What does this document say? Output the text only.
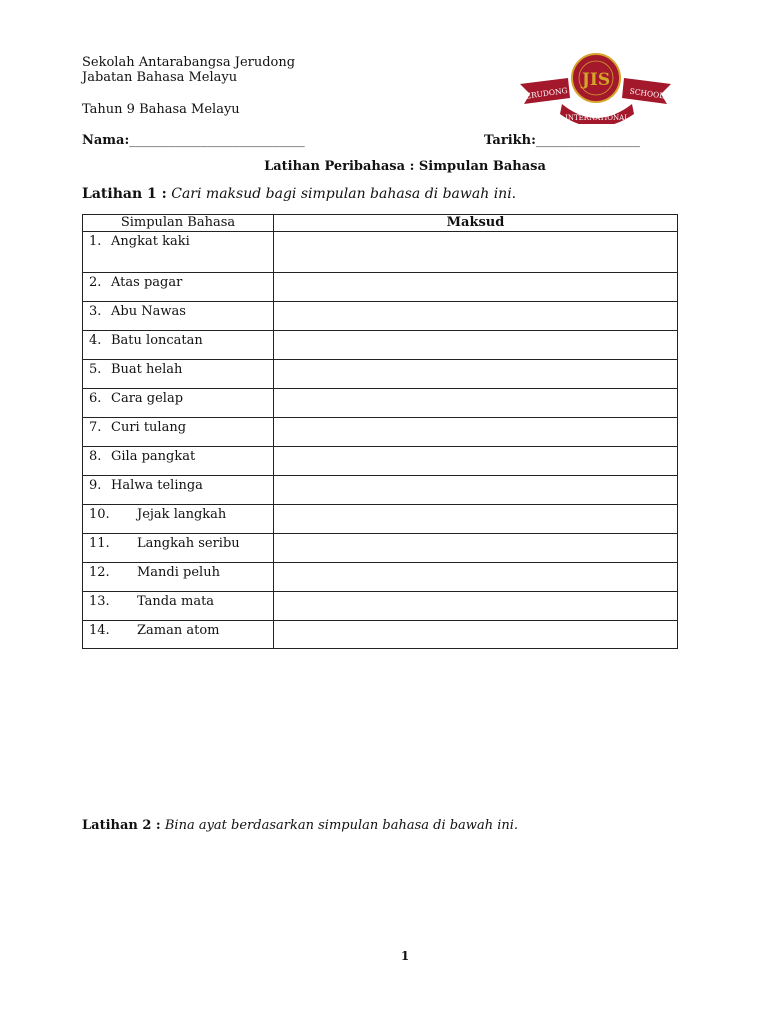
Sekolah Antarabangsa Jerudong
Jabatan Bahasa Melayu
Tahun 9 Bahasa Melayu
Nama:___________________________	Tarikh:________________
JIS
JERUDONG	SCHOOL
INTERNATIONAL
Latihan Peribahasa : Simpulan Bahasa
Latihan 1 : Cari maksud bagi simpulan bahasa di bawah ini.
Simpulan Bahasa	Maksud

1. Angkat kaki	

2. Atas pagar	

3. Abu Nawas	

4. Batu loncatan	

5. Buat helah	

6. Cara gelap	

7. Curi tulang	

8. Gila pangkat	

9. Halwa telinga	

10. Jejak langkah	

11. Langkah seribu	

12. Mandi peluh	

13. Tanda mata	

14. Zaman atom	

Latihan 2 : Bina ayat berdasarkan simpulan bahasa di bawah ini.
1
